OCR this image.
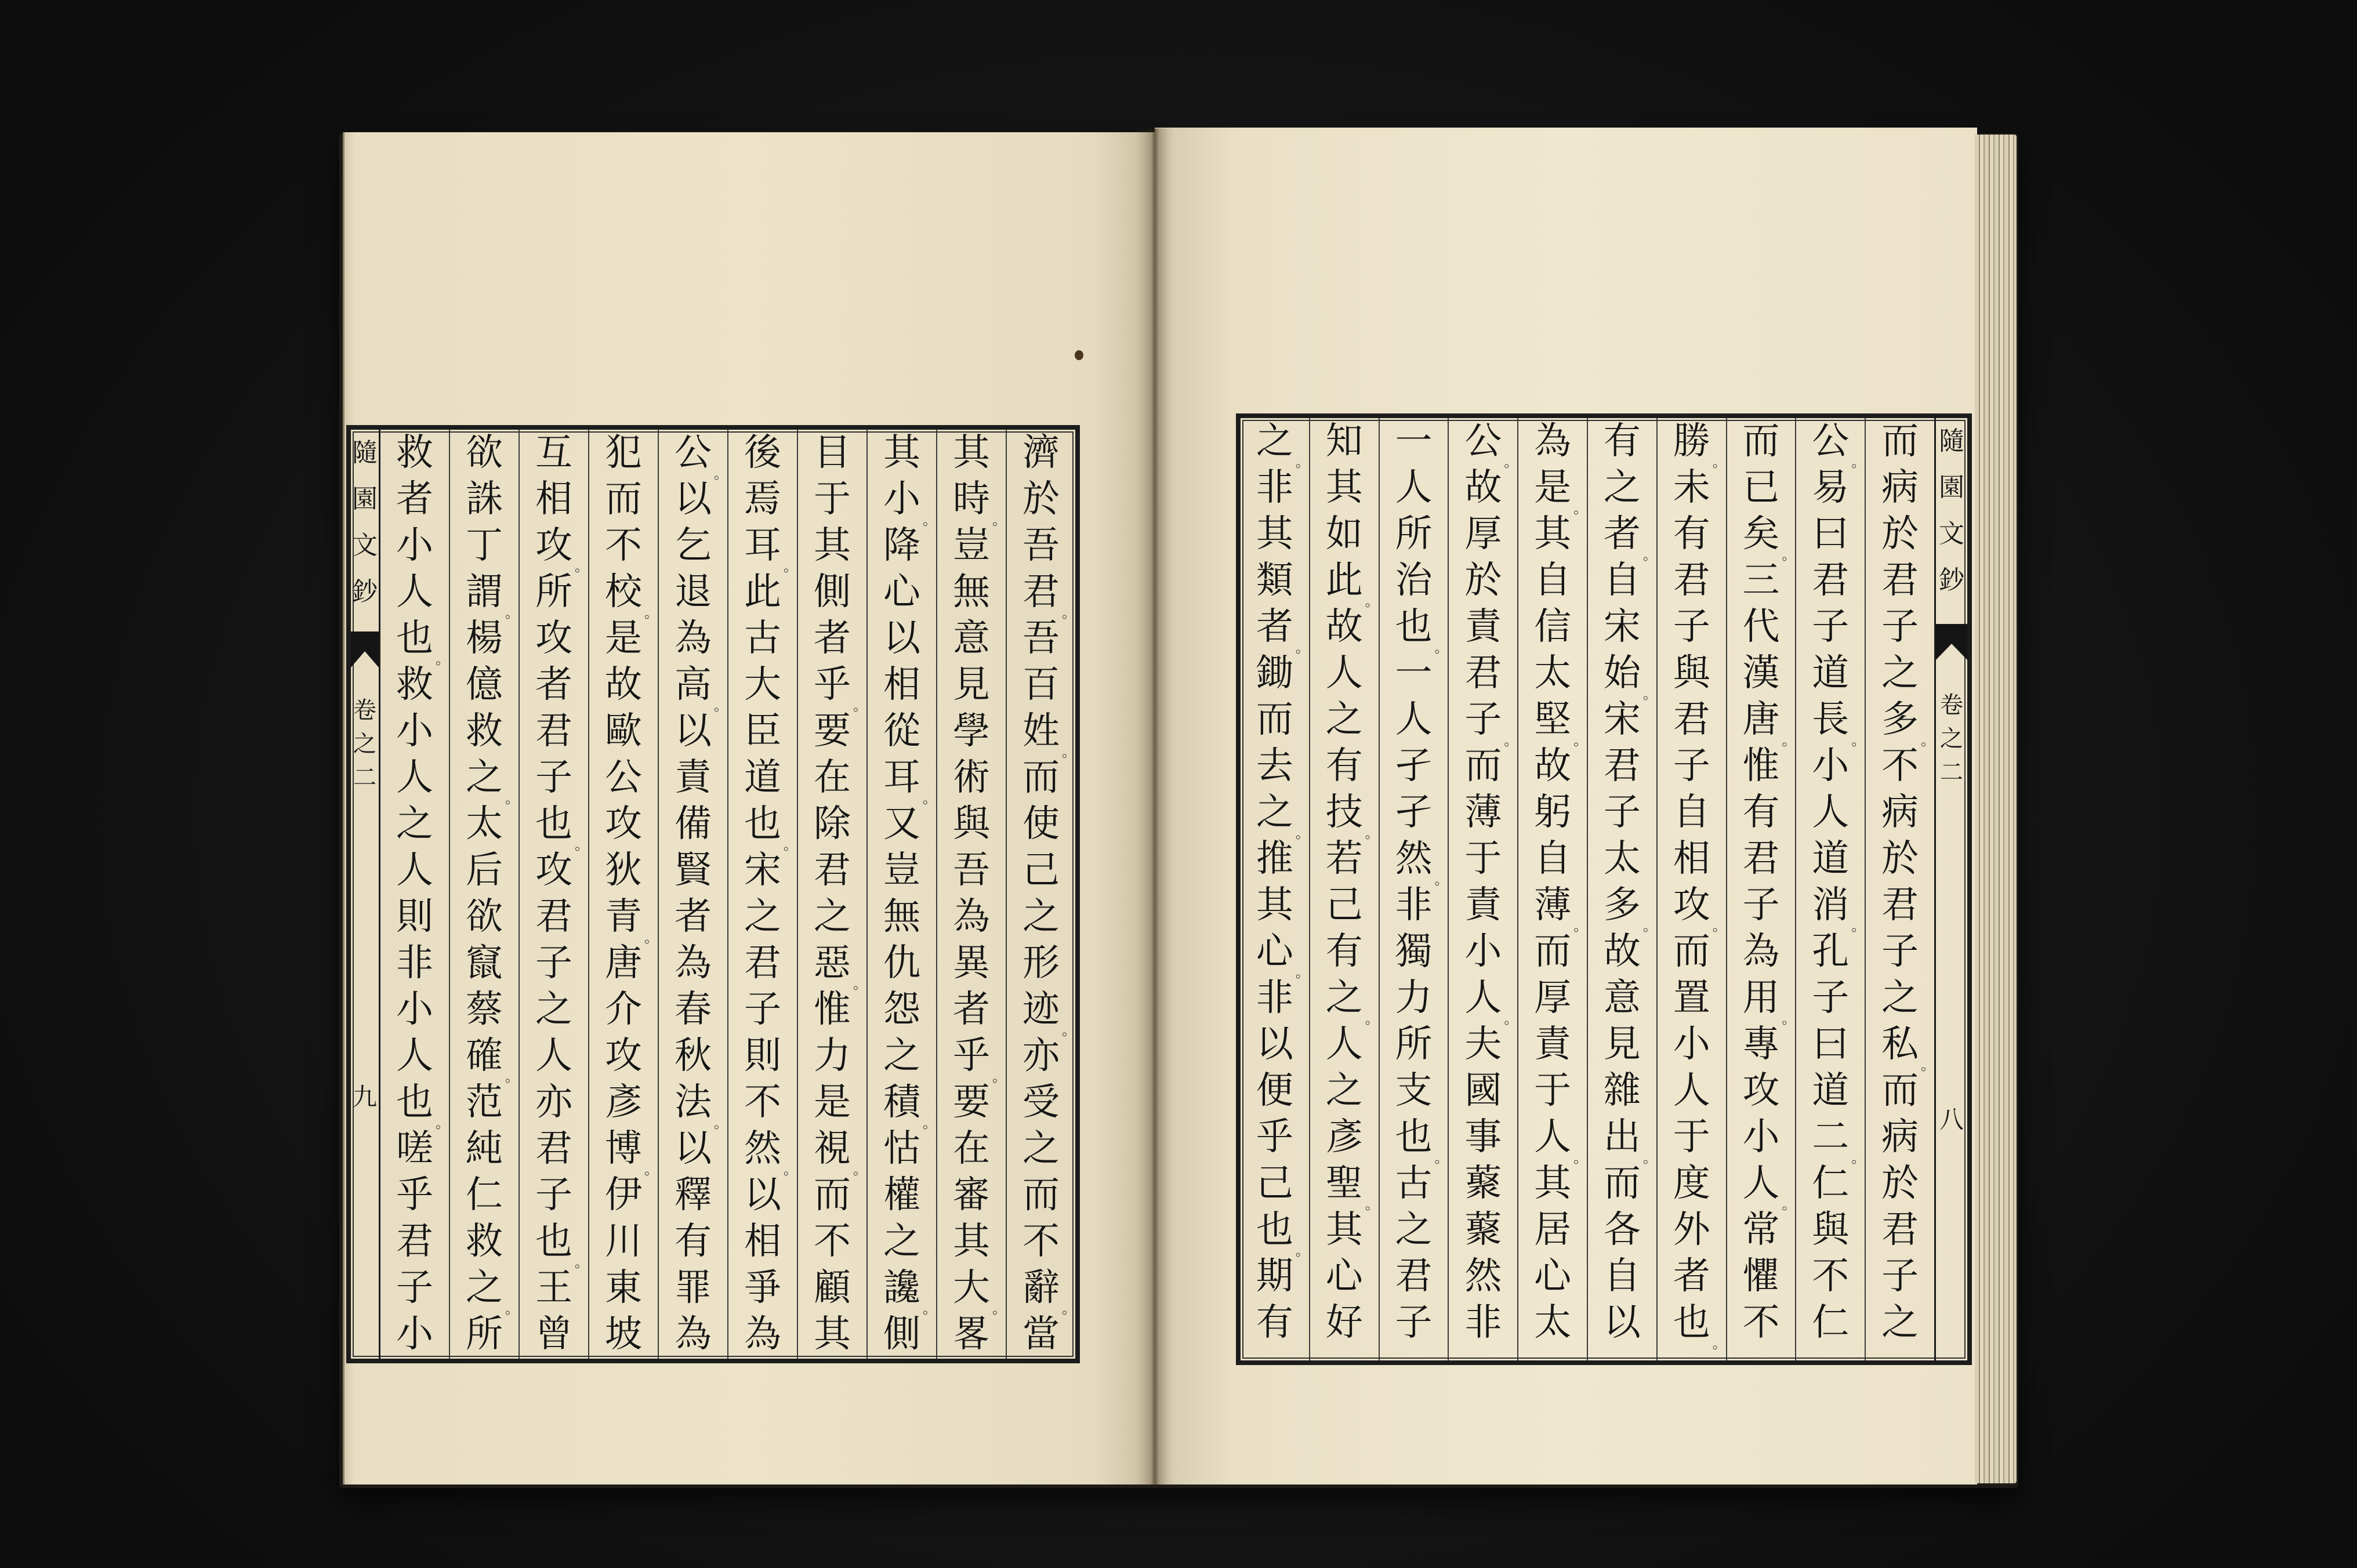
隨
園
文
鈔
卷
之
二
九
濟
於
吾
君 。
吾
百
姓 。
而
使
己
之
形
迹 。
亦
受
之
而
不
辭 。
當
其
時 。
豈
無
意
見
學
術
與
吾
為
異
者
乎 。
要
在
審
其
大 。
畧
其
小 。
降
心
以
相
從
耳 。
又
豈
無
仇
怨
之
積 。
怙
權
之
讒 。
側
目
于
其
側
者
乎 。
要
在
除
君
之
惡 。
惟
力
是
視 。
而
不
顧
其
後
焉
耳 。
此
古
大
臣
道
也 。
宋
之
君
子
則
不
然 。
以
相
爭
為
公 。
以
乞
退
為
高 。
以
責
備
賢
者
為
春
秋
法 。
以
釋
有
罪
為
犯
而
不
校 。
是
故
歐
公
攻
狄
青 。
唐
介
攻
彥
博 。
伊
川
東
坡
互
相
攻 。
所
攻
者
君
子
也 。
攻
君
子
之
人
亦
君
子
也 。
王
曾
欲
誅
丁
謂 。
楊
億
救
之 。
太
后
欲
竄
蔡
確 。
范
純
仁
救
之 。
所
救
者
小
人
也 。
救
小
人
之
人
則
非
小
人
也 。
嗟
乎
君
子
小
而
病
於
君
子
之
多 。
不
病
於
君
子
之
私 。
而
病
於
君
子
之
公 。
易
曰
君
子
道
長 。
小
人
道
消 。
孔
子
曰
道
二 。
仁
與
不
仁
而
已
矣 。
三
代
漢
唐 。
惟
有
君
子
為
用 。
專
攻
小
人 。
常
懼
不
勝 。
未
有
君
子
與
君
子
自
相
攻 。
而
置
小
人
于
度
外
者
也 。
有
之
者 。
自
宋
始 。
宋
君
子
太
多 。
故
意
見
雜
出 。
而
各
自
以
為
是 。
其
自
信
太
堅 。
故
躬
自
薄 。
而
厚
責
于
人 。
其
居
心
太
公 。
故
厚
於
責
君
子 。
而
薄
于
責
小
人 。
夫
國
事
藂
藂
然
非
一
人
所
治
也 。
一
人
孑
孑
然 。
非
獨
力
所
支
也 。
古
之
君
子
知
其
如
此 。
故
人
之
有
技 。
若
己
有
之 。
人
之
彥
聖 。
其
心
好
之 。
非
其
類
者 。
鋤
而
去
之 。
推
其
心 。
非
以
便
乎
己
也 。
期
有
隨
園
文
鈔
卷
之
二
八
